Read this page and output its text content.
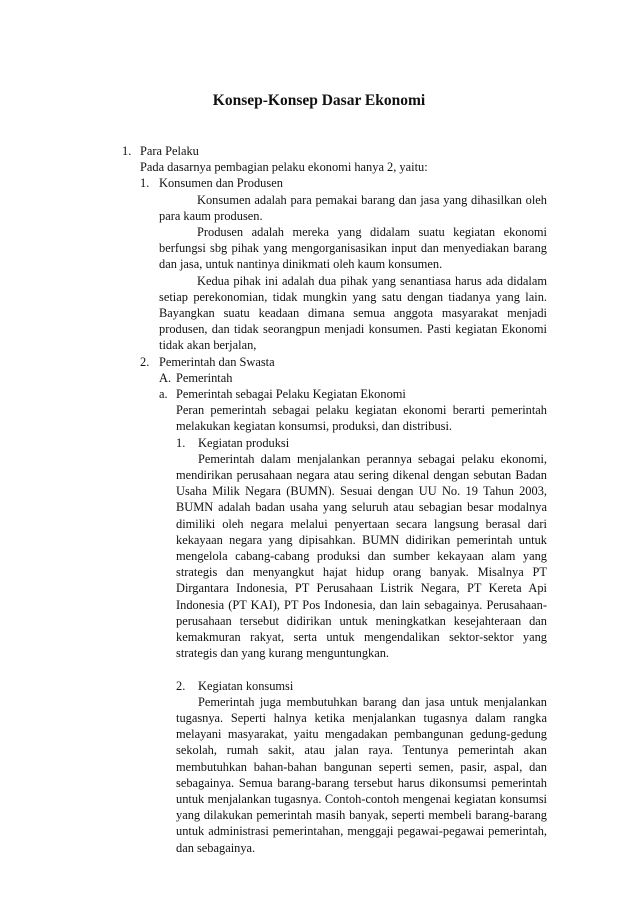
Konsep-Konsep Dasar Ekonomi
1. Para Pelaku
Pada dasarnya pembagian pelaku ekonomi hanya 2, yaitu:
1. Konsumen dan Produsen

Konsumen adalah para pemakai barang dan jasa yang dihasilkan oleh para kaum produsen.

Produsen adalah mereka yang didalam suatu kegiatan ekonomi berfungsi sbg pihak yang mengorganisasikan input dan menyediakan barang dan jasa, untuk nantinya dinikmati oleh kaum konsumen.

Kedua pihak ini adalah dua pihak yang senantiasa harus ada didalam setiap perekonomian, tidak mungkin yang satu dengan tiadanya yang lain. Bayangkan suatu keadaan dimana semua anggota masyarakat menjadi produsen, dan tidak seorangpun menjadi konsumen. Pasti kegiatan Ekonomi tidak akan berjalan,

2. Pemerintah dan Swasta
A. Pemerintah
a. Pemerintah sebagai Pelaku Kegiatan Ekonomi
Peran pemerintah sebagai pelaku kegiatan ekonomi berarti pemerintah melakukan kegiatan konsumsi, produksi, dan distribusi.
1.	Kegiatan produksi

Pemerintah dalam menjalankan perannya sebagai pelaku ekonomi, mendirikan perusahaan negara atau sering dikenal dengan sebutan Badan Usaha Milik Negara (BUMN). Sesuai dengan UU No. 19 Tahun 2003, BUMN adalah badan usaha yang seluruh atau sebagian besar modalnya dimiliki oleh negara melalui penyertaan secara langsung berasal dari kekayaan negara yang dipisahkan. BUMN didirikan pemerintah untuk mengelola cabang-cabang produksi dan sumber kekayaan alam yang strategis dan menyangkut hajat hidup orang banyak. Misalnya PT Dirgantara Indonesia, PT Perusahaan Listrik Negara, PT Kereta Api Indonesia (PT KAI), PT Pos Indonesia, dan lain sebagainya. Perusahaan-perusahaan tersebut didirikan untuk meningkatkan kesejahteraan dan kemakmuran rakyat, serta untuk mengendalikan sektor-sektor yang strategis dan yang kurang menguntungkan.

2.	Kegiatan konsumsi

Pemerintah juga membutuhkan barang dan jasa untuk menjalankan tugasnya. Seperti halnya ketika menjalankan tugasnya dalam rangka melayani masyarakat, yaitu mengadakan pembangunan gedung-gedung sekolah, rumah sakit, atau jalan raya. Tentunya pemerintah akan membutuhkan bahan-bahan bangunan seperti semen, pasir, aspal, dan sebagainya. Semua barang-barang tersebut harus dikonsumsi pemerintah untuk menjalankan tugasnya. Contoh-contoh mengenai kegiatan konsumsi yang dilakukan pemerintah masih banyak, seperti membeli barang-barang untuk administrasi pemerintahan, menggaji pegawai-pegawai pemerintah, dan sebagainya.
